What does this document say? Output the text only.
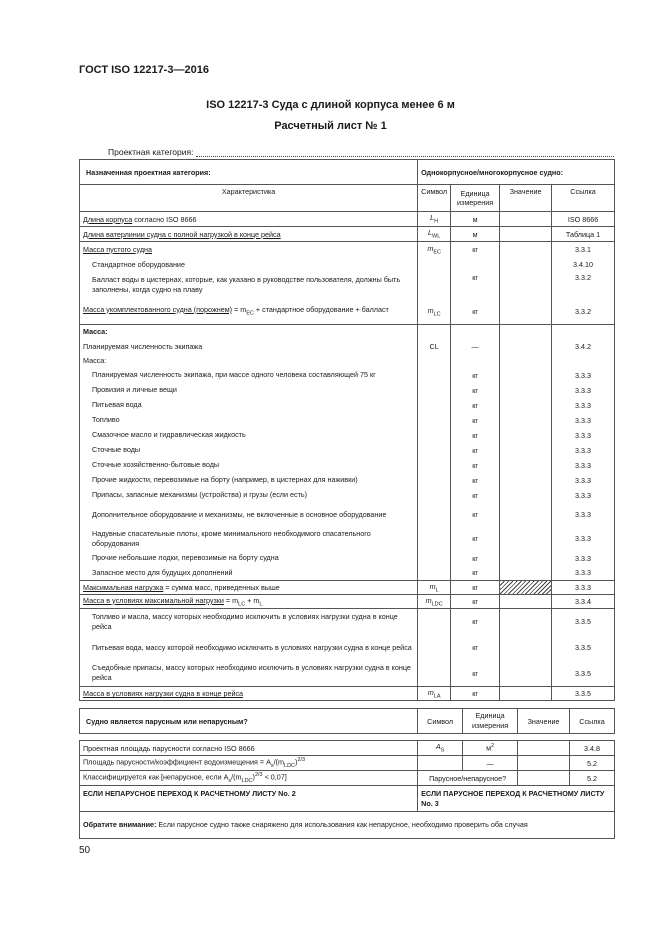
ГОСТ ISO 12217-3—2016
ISO 12217-3 Суда с длиной корпуса менее 6 м
Расчетный лист № 1
Проектная категория:
Назначенная проектная категория:	Однокорпусное/многокорпусное судно:			
Характеристика	Символ	Единица измерения	Значение	Ссылка
Длина корпуса согласно ISO 8666	$L_H$	м		ISO 8666
Длина ватерлинии судна с полной нагрузкой в конце рейса	$L_{WL}$	м		Таблица 1
Масса пустого судна	$m_{EC}$	кг		3.3.1
Стандартное оборудование				3.4.10
Балласт воды в цистернах, которые, как указано в руководстве пользователя, должны быть заполнены, когда судно на плаву		кг		3.3.2
Масса укомплектованного судна (порожнем) = $m_{EC}$ + стандартное оборудование + балласт	$m_{LC}$	кг		3.3.2
Масса:				
Планируемая численность экипажа	CL	—		3.4.2
Масса:				
Планируемая численность экипажа, при массе одного человека составляющей 75 кг		кг		3.3.3
Провизия и личные вещи		кг		3.3.3
Питьевая вода		кг		3.3.3
Топливо		кг		3.3.3
Смазочное масло и гидравлическая жидкость		кг		3.3.3
Сточные воды		кг		3.3.3
Сточные хозяйственно-бытовые воды		кг		3.3.3
Прочие жидкости, перевозимые на борту (например, в цистернах для наживки)		кг		3.3.3
Припасы, запасные механизмы (устройства) и грузы (если есть)		кг		3.3.3
Дополнительное оборудование и механизмы, не включенные в основное оборудование		кг		3.3.3
Надувные спасательные плоты, кроме минимального необходимого спасательного оборудования		кг		3.3.3
Прочие небольшие лодки, перевозимые на борту судна		кг		3.3.3
Запасное место для будущих дополнений		кг		3.3.3
Максимальная нагрузка = сумма масс, приведенных выше	$m_L$	кг		3.3.3
Масса в условиях максимальной нагрузки = $m_{LC} + m_L$	$m_{LDC}$	кг		3.3.4
Топливо и масла, массу которых необходимо исключить в условиях нагрузки судна в конце рейса		кг		3.3.5
Питьевая вода, массу которой необходимо исключить в условиях нагрузки судна в конце рейса		кг		3.3.5
Съедобные припасы, массу которых необходимо исключить в условиях нагрузки судна в конце рейса		кг		3.3.5
Масса в условиях нагрузки судна в конце рейса	$m_{LA}$	кг		3.3.5
Судно является парусным или непарусным?	Символ	Единица измерения	Значение	Ссылка

Проектная площадь парусности согласно ISO 8666	$A_S$	$м^2$		3.4.8
Площадь парусности/коэффициент водоизмещения = $A_s/(m_{LDC})^{2/3}$		—		5.2
Классифицируется как [непарусное, если $A_s/(m_{LDC})^{2/3} < 0,07$]	Парусное/непарусное?			5.2
ЕСЛИ НЕПАРУСНОЕ ПЕРЕХОД К РАСЧЕТНОМУ ЛИСТУ No. 2	ЕСЛИ ПАРУСНОЕ ПЕРЕХОД К РАСЧЕТНОМУ ЛИСТУ No. 3			
Обратите внимание: Если парусное судно также снаряжено для использования как непарусное, необходимо проверить оба случая				
50
